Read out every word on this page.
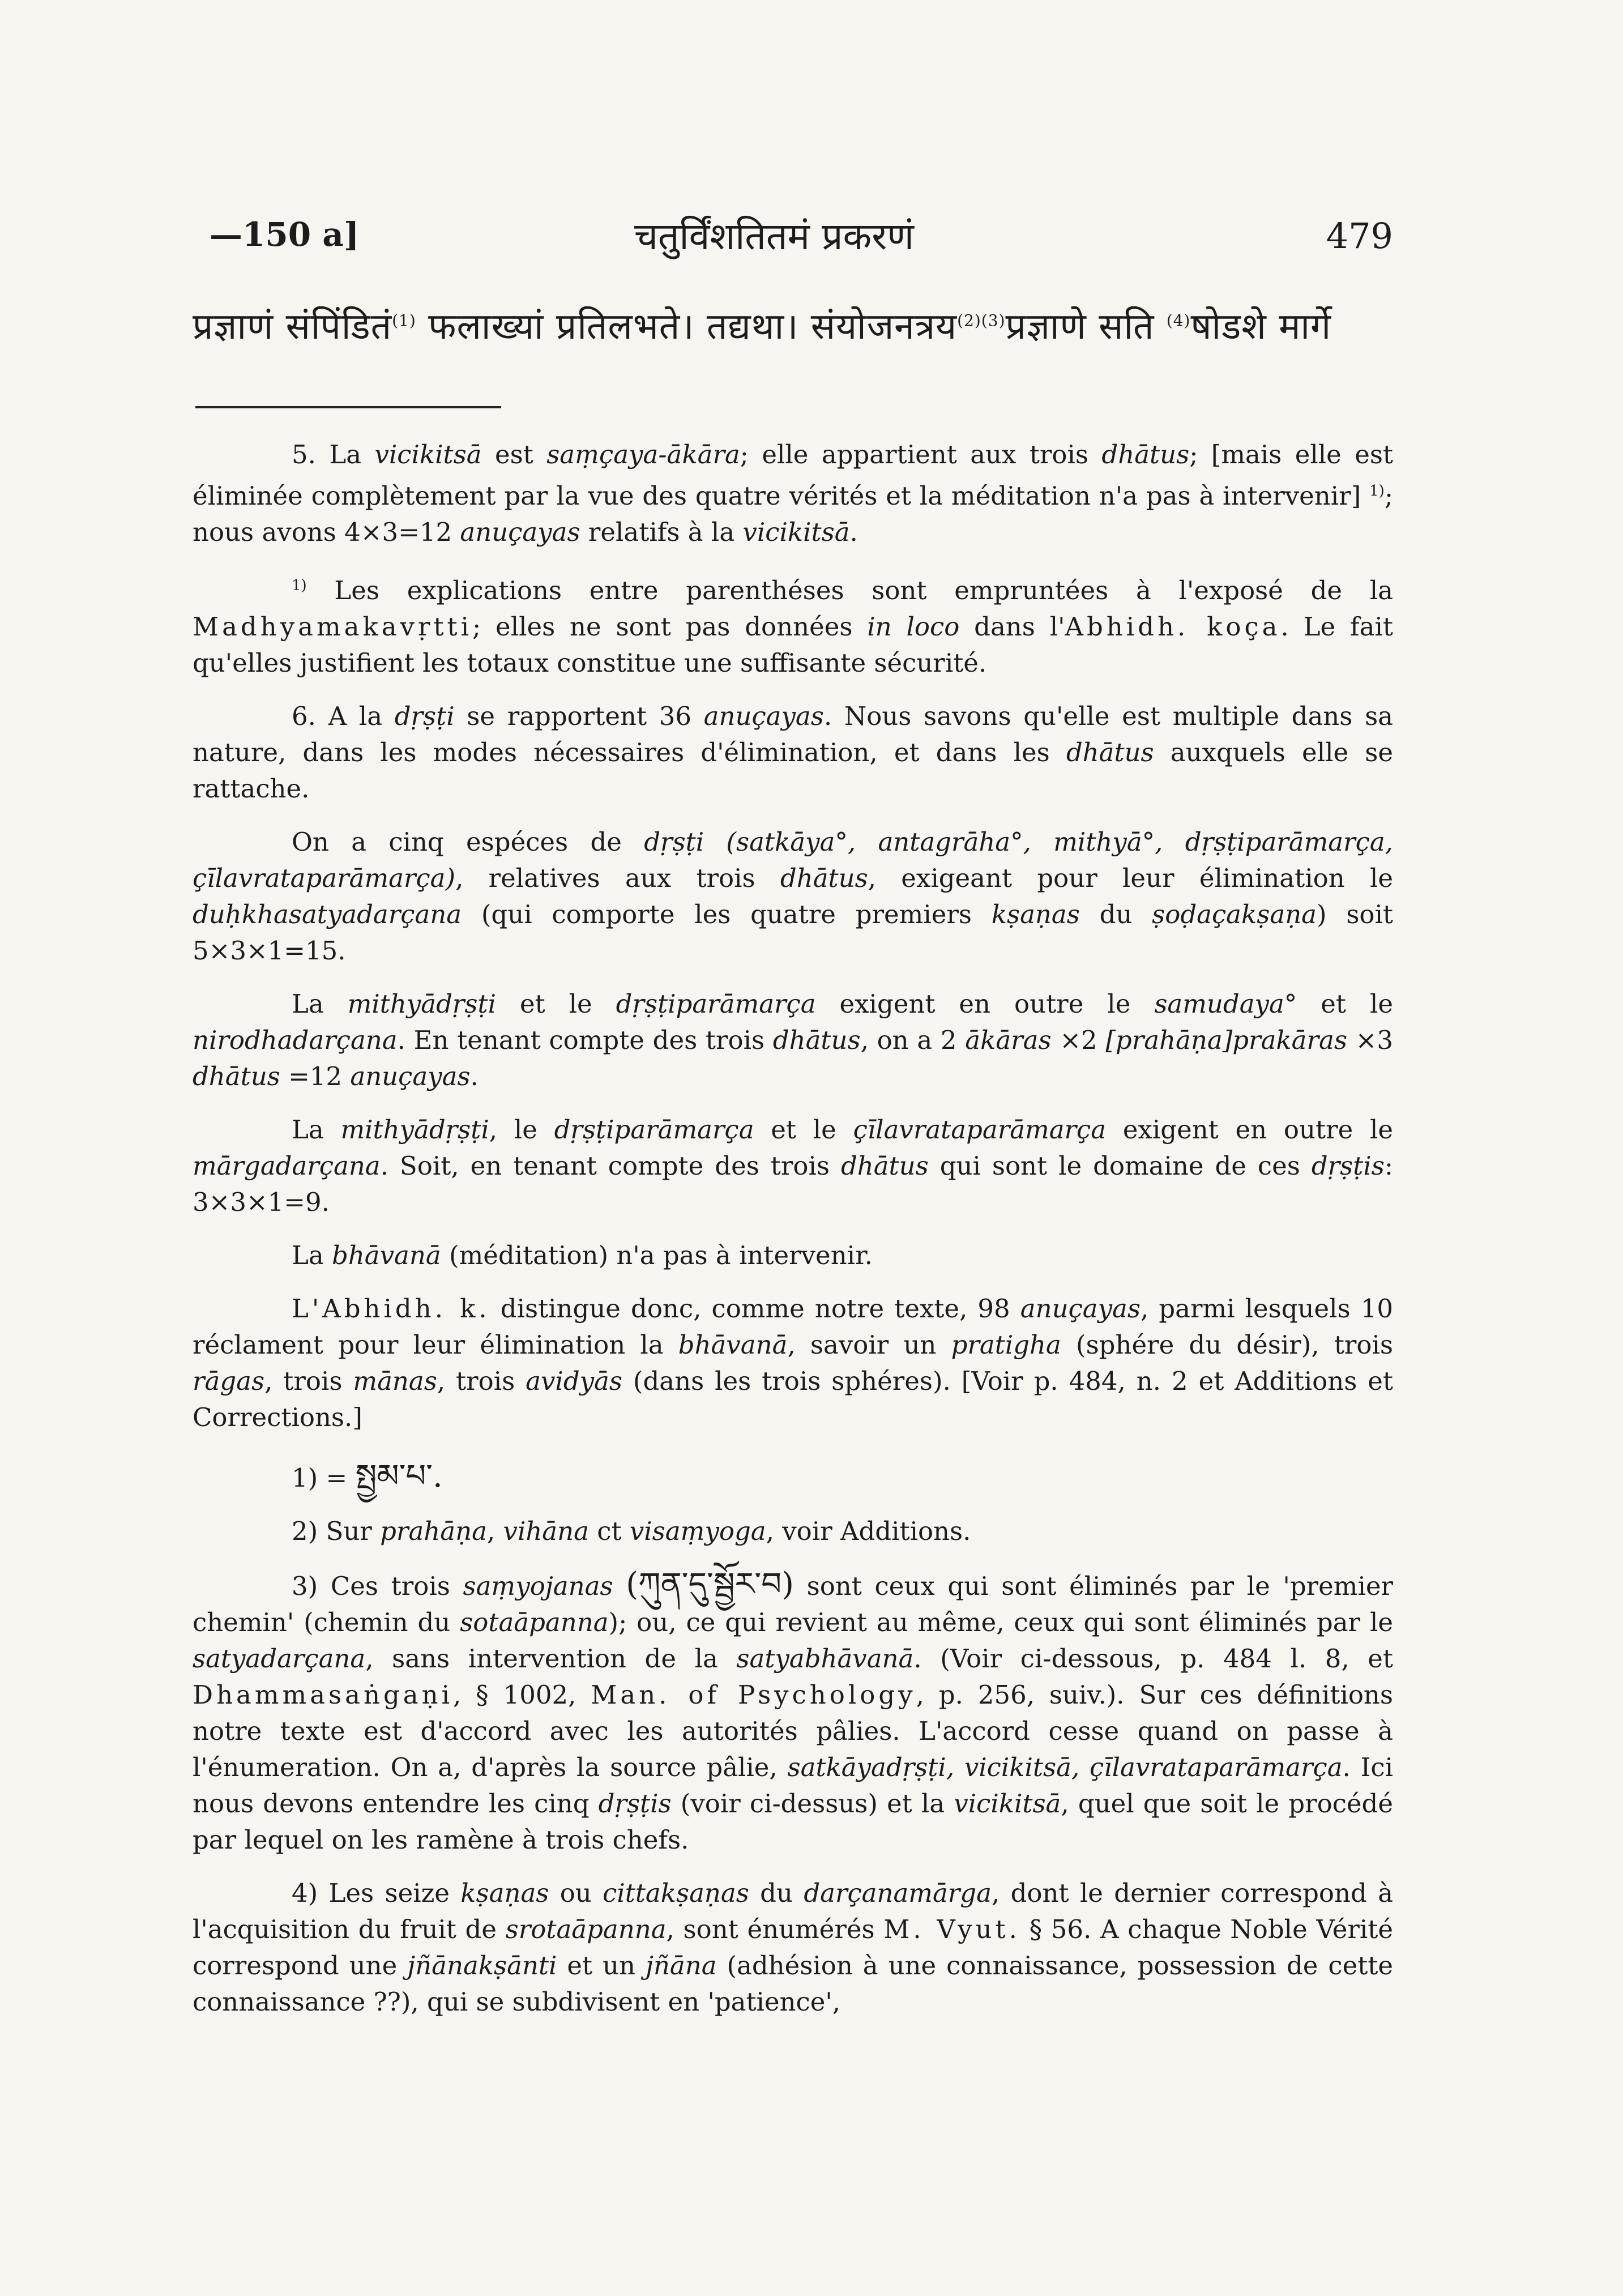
—150 a]	चतुर्विंशतितमं प्रकरणं	479
प्रज्ञाणं संपिंडितं$^{(1)}$ फलाख्यां प्रतिलभते। तद्यथा। संयोजनत्रय$^{(2)(3)}$प्रज्ञाणे सति $^{(4)}$षोडशे मार्गे

5. La vicikitsā est saṃçaya-ākāra; elle appartient aux trois dhātus; [mais elle est éliminée complètement par la vue des quatre vérités et la méditation n'a pas à intervenir] $^{1)}$; nous avons 4×3=12 anuçayas relatifs à la vicikitsā.

$^{1)}$ Les explications entre parenthéses sont empruntées à l'exposé de la Madhyamakavṛtti; elles ne sont pas données in loco dans l'Abhidh. koça. Le fait qu'elles justifient les totaux constitue une suffisante sécurité.

6. A la dṛṣṭi se rapportent 36 anuçayas. Nous savons qu'elle est multiple dans sa nature, dans les modes nécessaires d'élimination, et dans les dhātus auxquels elle se rattache.

On a cinq espéces de dṛṣṭi (satkāya°, antagrāha°, mithyā°, dṛṣṭiparāmarça, çīlavrataparāmarça), relatives aux trois dhātus, exigeant pour leur élimination le duḥkhasatyadarçana (qui comporte les quatre premiers kṣaṇas du ṣoḍaçakṣaṇa) soit 5×3×1=15.

La mithyādṛṣṭi et le dṛṣṭiparāmarça exigent en outre le samudaya° et le nirodhadarçana. En tenant compte des trois dhātus, on a 2 ākāras ×2 [prahāṇa]prakāras ×3 dhātus =12 anuçayas.

La mithyādṛṣṭi, le dṛṣṭiparāmarça et le çīlavrataparāmarça exigent en outre le mārgadarçana. Soit, en tenant compte des trois dhātus qui sont le domaine de ces dṛṣṭis: 3×3×1=9.

La bhāvanā (méditation) n'a pas à intervenir.

L'Abhidh. k. distingue donc, comme notre texte, 98 anuçayas, parmi lesquels 10 réclament pour leur élimination la bhāvanā, savoir un pratigha (sphére du désir), trois rāgas, trois mānas, trois avidyās (dans les trois sphéres). [Voir p. 484, n. 2 et Additions et Corrections.]

1) = སྤྱམ་པ་.

2) Sur prahāṇa, vihāna ct visaṃyoga, voir Additions.

3) Ces trois saṃyojanas (ཀུན་དུ་སྦྱོར་བ) sont ceux qui sont éliminés par le 'premier chemin' (chemin du sotaāpanna); ou, ce qui revient au même, ceux qui sont éliminés par le satyadarçana, sans intervention de la satyabhāvanā. (Voir ci-dessous, p. 484 l. 8, et Dhammasaṅgaṇi, § 1002, Man. of Psychology, p. 256, suiv.). Sur ces définitions notre texte est d'accord avec les autorités pâlies. L'accord cesse quand on passe à l'énumeration. On a, d'après la source pâlie, satkāyadṛṣṭi, vicikitsā, çīlavrataparāmarça. Ici nous devons entendre les cinq dṛṣṭis (voir ci-dessus) et la vicikitsā, quel que soit le procédé par lequel on les ramène à trois chefs.

4) Les seize kṣaṇas ou cittakṣaṇas du darçanamārga, dont le dernier correspond à l'acquisition du fruit de srotaāpanna, sont énumérés M. Vyut. § 56. A chaque Noble Vérité correspond une jñānakṣānti et un jñāna (adhésion à une connaissance, possession de cette connaissance ??), qui se subdivisent en 'patience',
